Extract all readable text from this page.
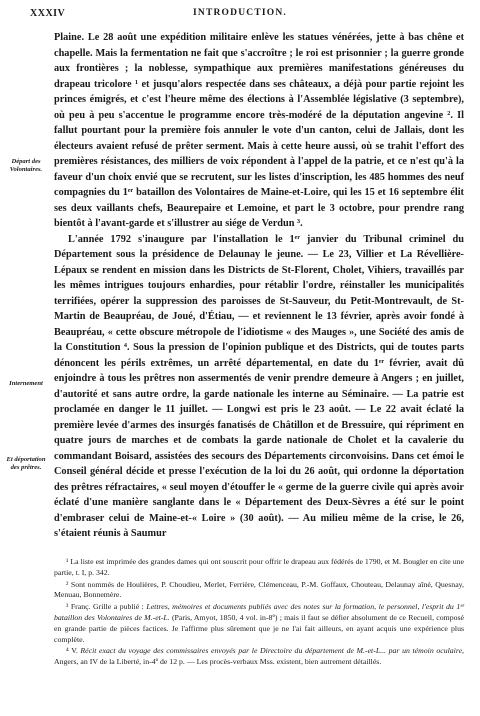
XXXIV	INTRODUCTION.
Départ des Volontaires.
Internement
Et déportation des prêtres.

Plaine. Le 28 août une expédition militaire enlève les statues vénérées, jette à bas chêne et chapelle. Mais la fermentation ne fait que s'accroître ; le roi est prisonnier ; la guerre gronde aux frontières ; la noblesse, sympathique aux premières manifestations généreuses du drapeau tricolore ¹ et jusqu'alors respectée dans ses châteaux, a déjà pour partie rejoint les princes émigrés, et c'est l'heure même des élections à l'Assemblée législative (3 septembre), où peu à peu s'accentue le programme encore très-modéré de la députation angevine ². Il fallut pourtant pour la première fois annuler le vote d'un canton, celui de Jallais, dont les électeurs avaient refusé de prêter serment. Mais à cette heure aussi, où se trahit l'effort des premières résistances, des milliers de voix répondent à l'appel de la patrie, et ce n'est qu'à la faveur d'un choix envié que se recrutent, sur les listes d'inscription, les 485 hommes des neuf compagnies du 1ᵉʳ bataillon des Volontaires de Maine-et-Loire, qui les 15 et 16 septembre élit ses deux vaillants chefs, Beaurepaire et Lemoine, et part le 3 octobre, pour prendre rang bientôt à l'avant-garde et s'illustrer au siége de Verdun ³.

L'année 1792 s'inaugure par l'installation le 1ᵉʳ janvier du Tribunal criminel du Département sous la présidence de Delaunay le jeune. — Le 23, Villier et La Révellière-Lépaux se rendent en mission dans les Districts de St-Florent, Cholet, Vihiers, travaillés par les mêmes intrigues toujours enhardies, pour rétablir l'ordre, réinstaller les municipalités terrifiées, opérer la suppression des paroisses de St-Sauveur, du Petit-Montrevault, de St-Martin de Beaupréau, de Joué, d'Étiau, — et reviennent le 13 février, après avoir fondé à Beaupréau, « cette obscure métropole de l'idiotisme « des Mauges », une Société des amis de la Constitution ⁴. Sous la pression de l'opinion publique et des Districts, qui de toutes parts dénoncent les périls extrêmes, un arrêté départemental, en date du 1ᵉʳ février, avait dû enjoindre à tous les prêtres non assermentés de venir prendre demeure à Angers ; en juillet, d'autorité et sans autre ordre, la garde nationale les interne au Séminaire. — La patrie est proclamée en danger le 11 juillet. — Longwi est pris le 23 août. — Le 22 avait éclaté la première levée d'armes des insurgés fanatisés de Châtillon et de Bressuire, qui répriment en quatre jours de marches et de combats la garde nationale de Cholet et la cavalerie du commandant Boisard, assistées des secours des Départements circonvoisins. Dans cet émoi le Conseil général décide et presse l'exécution de la loi du 26 août, qui ordonne la déportation des prêtres réfractaires, « seul moyen d'étouffer le « germe de la guerre civile qui après avoir éclaté d'une manière sanglante dans le « Département des Deux-Sèvres a été sur le point d'embraser celui de Maine-et-« Loire » (30 août). — Au milieu même de la crise, le 26, s'étaient réunis à Saumur

¹ La liste est imprimée des grandes dames qui ont souscrit pour offrir le drapeau aux fédérés de 1790, et M. Bougler en cite une partie, t. I, p. 342.

² Sont nommés de Houlières, P. Choudieu, Merlet, Ferrière, Clémenceau, P.-M. Goffaux, Chouteau, Delaunay aîné, Quesnay, Menuau, Bonnemère.

³ Franç. Grille a publié : Lettres, mémoires et documents publiés avec des notes sur la formation, le personnel, l'esprit du 1ᵉʳ bataillon des Volontaires de M.-et-L. (Paris, Amyot, 1850, 4 vol. in-8º) ; mais il faut se défier absolument de ce Recueil, composé en grande partie de pièces factices. Je l'affirme plus sûrement que je ne l'ai fait ailleurs, en ayant acquis une expérience plus complète.

⁴ V. Récit exact du voyage des commissaires envoyés par le Directoire du département de M.-et-L... par un témoin oculaire, Angers, an IV de la Liberté, in-4º de 12 p. — Les procès-verbaux Mss. existent, bien autrement détaillés.
